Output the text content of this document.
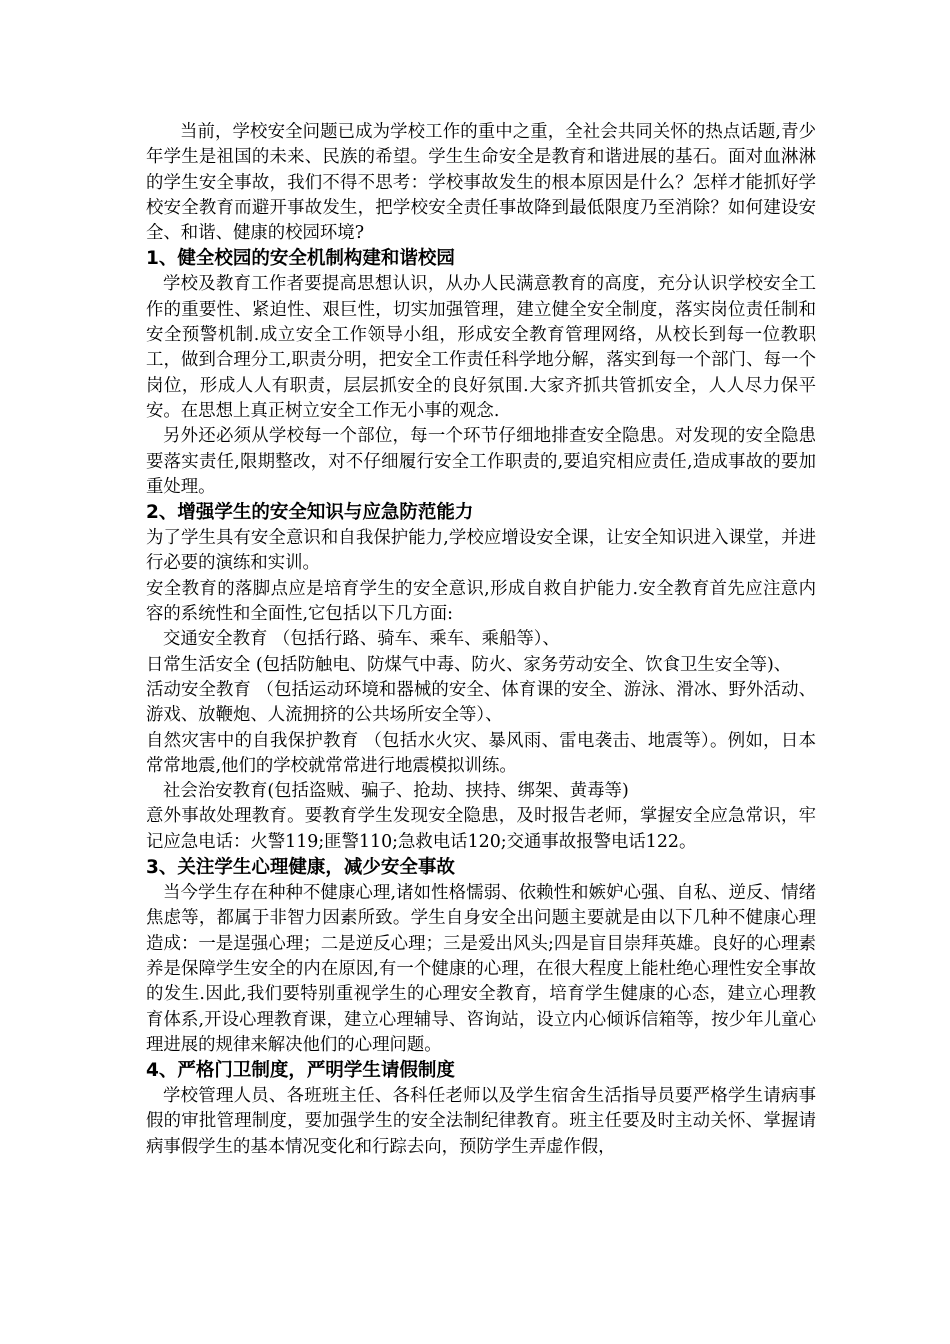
当前，学校安全问题已成为学校工作的重中之重，全社会共同关怀的热点话题,青少年学生是祖国的未来、民族的希望。学生生命安全是教育和谐进展的基石。面对血淋淋的学生安全事故，我们不得不思考：学校事故发生的根本原因是什么？怎样才能抓好学校安全教育而避开事故发生，把学校安全责任事故降到最低限度乃至消除？如何建设安全、和谐、健康的校园环境?

1、健全校园的安全机制构建和谐校园

学校及教育工作者要提高思想认识，从办人民满意教育的高度，充分认识学校安全工作的重要性、紧迫性、艰巨性，切实加强管理，建立健全安全制度，落实岗位责任制和安全预警机制.成立安全工作领导小组，形成安全教育管理网络，从校长到每一位教职工，做到合理分工,职责分明，把安全工作责任科学地分解，落实到每一个部门、每一个岗位，形成人人有职责，层层抓安全的良好氛围.大家齐抓共管抓安全，人人尽力保平安。在思想上真正树立安全工作无小事的观念.

另外还必须从学校每一个部位，每一个环节仔细地排查安全隐患。对发现的安全隐患要落实责任,限期整改，对不仔细履行安全工作职责的,要追究相应责任,造成事故的要加重处理。

2、增强学生的安全知识与应急防范能力

为了学生具有安全意识和自我保护能力,学校应增设安全课，让安全知识进入课堂，并进行必要的演练和实训。

安全教育的落脚点应是培育学生的安全意识,形成自救自护能力.安全教育首先应注意内容的系统性和全面性,它包括以下几方面:

交通安全教育 （包括行路、骑车、乘车、乘船等）、

日常生活安全 (包括防触电、防煤气中毒、防火、家务劳动安全、饮食卫生安全等)、

活动安全教育 （包括运动环境和器械的安全、体育课的安全、游泳、滑冰、野外活动、游戏、放鞭炮、人流拥挤的公共场所安全等）、

自然灾害中的自我保护教育 （包括水火灾、暴风雨、雷电袭击、地震等）。例如，日本常常地震,他们的学校就常常进行地震模拟训练。

社会治安教育(包括盗贼、骗子、抢劫、挟持、绑架、黄毒等)

意外事故处理教育。要教育学生发现安全隐患，及时报告老师，掌握安全应急常识，牢记应急电话：火警119;匪警110;急救电话120;交通事故报警电话122。

3、关注学生心理健康，减少安全事故

当今学生存在种种不健康心理,诸如性格懦弱、依赖性和嫉妒心强、自私、逆反、情绪焦虑等，都属于非智力因素所致。学生自身安全出问题主要就是由以下几种不健康心理造成：一是逞强心理；二是逆反心理；三是爱出风头;四是盲目崇拜英雄。良好的心理素养是保障学生安全的内在原因,有一个健康的心理，在很大程度上能杜绝心理性安全事故的发生.因此,我们要特别重视学生的心理安全教育，培育学生健康的心态，建立心理教育体系,开设心理教育课，建立心理辅导、咨询站，设立内心倾诉信箱等，按少年儿童心理进展的规律来解决他们的心理问题。

4、严格门卫制度，严明学生请假制度

学校管理人员、各班班主任、各科任老师以及学生宿舍生活指导员要严格学生请病事假的审批管理制度，要加强学生的安全法制纪律教育。班主任要及时主动关怀、掌握请病事假学生的基本情况变化和行踪去向，预防学生弄虚作假，
